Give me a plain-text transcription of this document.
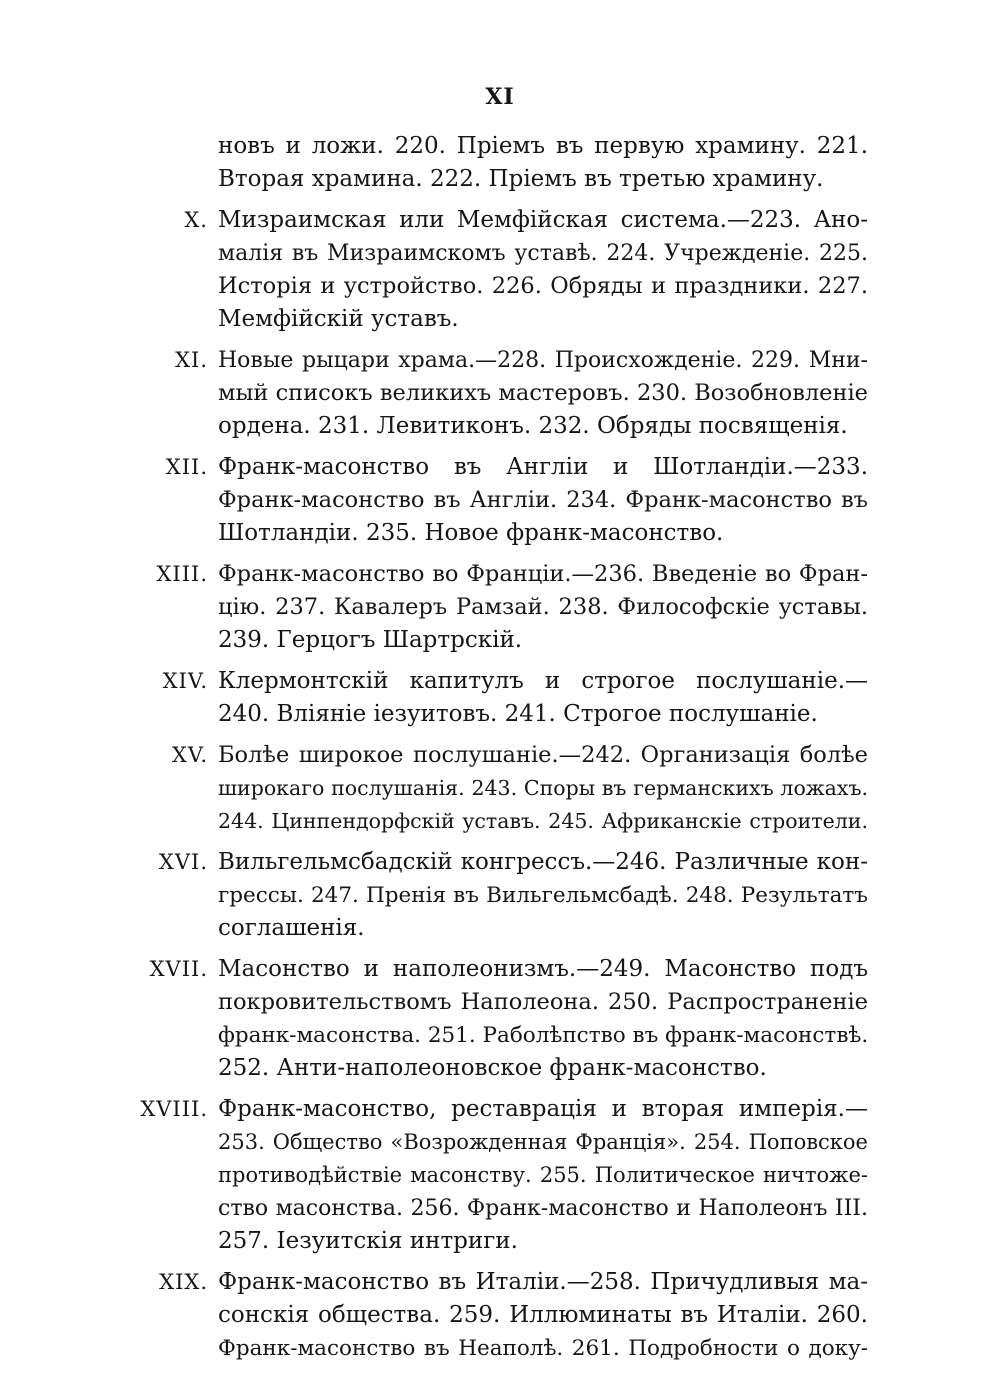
XI
новъ и ложи. 220. Пріемъ въ первую храмину. 221.
Вторая храмина. 222. Пріемъ въ третью храмину.
X. Мизраимская или Мемфійская система.—223. Ано-
малія въ Мизраимскомъ уставѣ. 224. Учрежденіе. 225.
Исторія и устройство. 226. Обряды и праздники. 227.
Мемфійскій уставъ.
XI. Новые рыцари храма.—228. Происхожденіе. 229. Мни-
мый списокъ великихъ мастеровъ. 230. Возобновленіе
ордена. 231. Левитиконъ. 232. Обряды посвященія.
XII. Франк-масонство въ Англіи и Шотландіи.—233.
Франк-масонство въ Англіи. 234. Франк-масонство въ
Шотландіи. 235. Новое франк-масонство.
XIII. Франк-масонство во Франціи.—236. Введеніе во Фран-
цію. 237. Кавалеръ Рамзай. 238. Философскіе уставы.
239. Герцогъ Шартрскій.
XIV. Клермонтскій капитулъ и строгое послушаніе.—
240. Вліяніе іезуитовъ. 241. Строгое послушаніе.
XV. Болѣе широкое послушаніе.—242. Организація болѣе
широкаго послушанія. 243. Споры въ германскихъ ложахъ.
244. Цинпендорфскій уставъ. 245. Африканскіе строители.
XVI. Вильгельмсбадскій конгрессъ.—246. Различные кон-
грессы. 247. Пренія въ Вильгельмсбадѣ. 248. Результатъ
соглашенія.
XVII. Масонство и наполеонизмъ.—249. Масонство подъ
покровительствомъ Наполеона. 250. Распространеніе
франк-масонства. 251. Раболѣпство въ франк-масонствѣ.
252. Анти-наполеоновское франк-масонство.
XVIII. Франк-масонство, реставрація и вторая имперія.—
253. Общество «Возрожденная Франція». 254. Поповское
противодѣйствіе масонству. 255. Политическое ничтоже-
ство масонства. 256. Франк-масонство и Наполеонъ III.
257. Іезуитскія интриги.
XIX. Франк-масонство въ Италіи.—258. Причудливыя ма-
сонскія общества. 259. Иллюминаты въ Италіи. 260.
Франк-масонство въ Неаполѣ. 261. Подробности о доку-
